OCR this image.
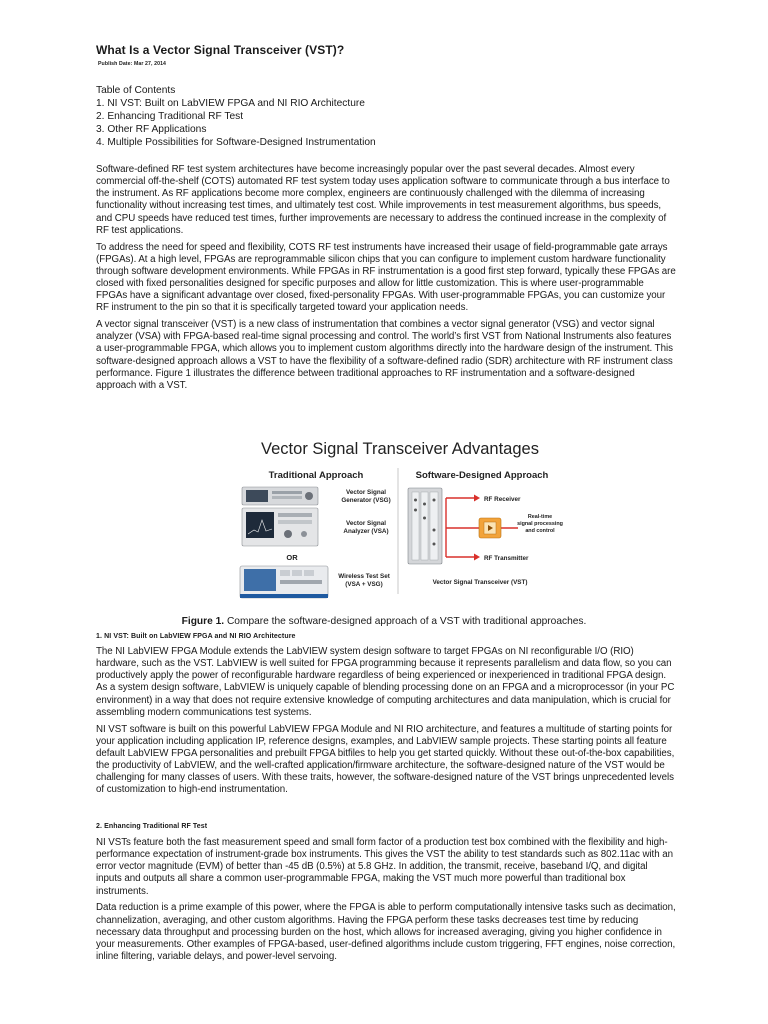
What Is a Vector Signal Transceiver (VST)?
Publish Date: Mar 27, 2014
Table of Contents
1. NI VST: Built on LabVIEW FPGA and NI RIO Architecture
2. Enhancing Traditional RF Test
3. Other RF Applications
4. Multiple Possibilities for Software-Designed Instrumentation

Software-defined RF test system architectures have become increasingly popular over the past several decades. Almost every commercial off-the-shelf (COTS) automated RF test system today uses application software to communicate through a bus interface to the instrument. As RF applications become more complex, engineers are continuously challenged with the dilemma of increasing functionality without increasing test times, and ultimately test cost. While improvements in test measurement algorithms, bus speeds, and CPU speeds have reduced test times, further improvements are necessary to address the continued increase in the complexity of RF test applications.

To address the need for speed and flexibility, COTS RF test instruments have increased their usage of field-programmable gate arrays (FPGAs). At a high level, FPGAs are reprogrammable silicon chips that you can configure to implement custom hardware functionality through software development environments. While FPGAs in RF instrumentation is a good first step forward, typically these FPGAs are closed with fixed personalities designed for specific purposes and allow for little customization. This is where user-programmable FPGAs have a significant advantage over closed, fixed-personality FPGAs. With user-programmable FPGAs, you can customize your RF instrument to the pin so that it is specifically targeted toward your application needs.

A vector signal transceiver (VST) is a new class of instrumentation that combines a vector signal generator (VSG) and vector signal analyzer (VSA) with FPGA-based real-time signal processing and control. The world’s first VST from National Instruments also features a user-programmable FPGA, which allows you to implement custom algorithms directly into the hardware design of the instrument. This software-designed approach allows a VST to have the flexibility of a software-defined radio (SDR) architecture with RF instrument class performance. Figure 1 illustrates the difference between traditional approaches to RF instrumentation and a software-designed approach with a VST.

Vector Signal Transceiver Advantages
Traditional Approach	Software-Designed Approach
Vector Signal
Generator (VSG)
Vector Signal
Analyzer (VSA)
OR
Wireless Test Set
(VSA + VSG)
RF Receiver
Real-time
signal processing
and control
RF Transmitter
Vector Signal Transceiver (VST)
Figure 1. Compare the software-designed approach of a VST with traditional approaches.
1. NI VST: Built on LabVIEW FPGA and NI RIO Architecture

The NI LabVIEW FPGA Module extends the LabVIEW system design software to target FPGAs on NI reconfigurable I/O (RIO) hardware, such as the VST. LabVIEW is well suited for FPGA programming because it represents parallelism and data flow, so you can productively apply the power of reconfigurable hardware regardless of being experienced or inexperienced in traditional FPGA design. As a system design software, LabVIEW is uniquely capable of blending processing done on an FPGA and a microprocessor (in your PC environment) in a way that does not require extensive knowledge of computing architectures and data manipulation, which is crucial for assembling modern communications test systems.

NI VST software is built on this powerful LabVIEW FPGA Module and NI RIO architecture, and features a multitude of starting points for your application including application IP, reference designs, examples, and LabVIEW sample projects. These starting points all feature default LabVIEW FPGA personalities and prebuilt FPGA bitfiles to help you get started quickly. Without these out-of-the-box capabilities, the productivity of LabVIEW, and the well-crafted application/firmware architecture, the software-designed nature of the VST would be challenging for many classes of users. With these traits, however, the software-designed nature of the VST brings unprecedented levels of customization to high-end instrumentation.

2. Enhancing Traditional RF Test

NI VSTs feature both the fast measurement speed and small form factor of a production test box combined with the flexibility and high-performance expectation of instrument-grade box instruments. This gives the VST the ability to test standards such as 802.11ac with an error vector magnitude (EVM) of better than -45 dB (0.5%) at 5.8 GHz. In addition, the transmit, receive, baseband I/Q, and digital inputs and outputs all share a common user-programmable FPGA, making the VST much more powerful than traditional box instruments.

Data reduction is a prime example of this power, where the FPGA is able to perform computationally intensive tasks such as decimation, channelization, averaging, and other custom algorithms. Having the FPGA perform these tasks decreases test time by reducing necessary data throughput and processing burden on the host, which allows for increased averaging, giving you higher confidence in your measurements. Other examples of FPGA-based, user-defined algorithms include custom triggering, FFT engines, noise correction, inline filtering, variable delays, and power-level servoing.
